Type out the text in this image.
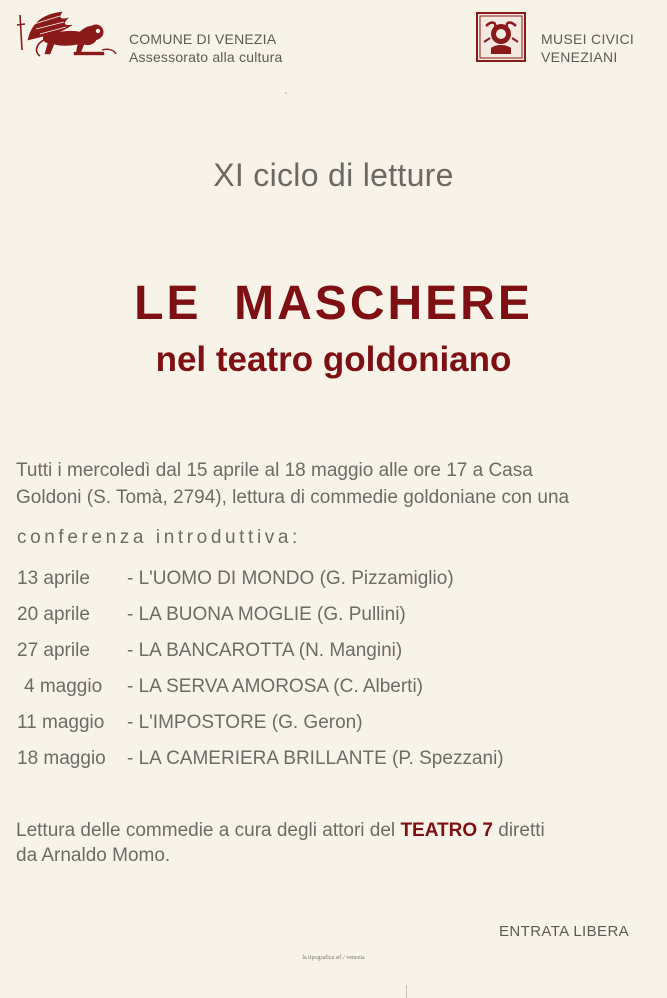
COMUNE DI VENEZIA
Assessorato alla cultura
MUSEI CIVICI
VENEZIANI
XI ciclo di letture
LE  MASCHERE
nel teatro goldoniano
Tutti i mercoledì dal 15 aprile al 18 maggio alle ore 17 a Casa
Goldoni (S. Tomà, 2794), lettura di commedie goldoniane con una
conferenza introduttiva:
13 aprile	- L'UOMO DI MONDO (G. Pizzamiglio)
20 aprile	- LA BUONA MOGLIE (G. Pullini)
27 aprile	- LA BANCAROTTA (N. Mangini)
4 maggio	- LA SERVA AMOROSA (C. Alberti)
11 maggio	- L'IMPOSTORE (G. Geron)
18 maggio	- LA CAMERIERA BRILLANTE (P. Spezzani)
Lettura delle commedie a cura degli attori del TEATRO 7 diretti
da Arnaldo Momo.
ENTRATA LIBERA
la tipografica srl / venezia
